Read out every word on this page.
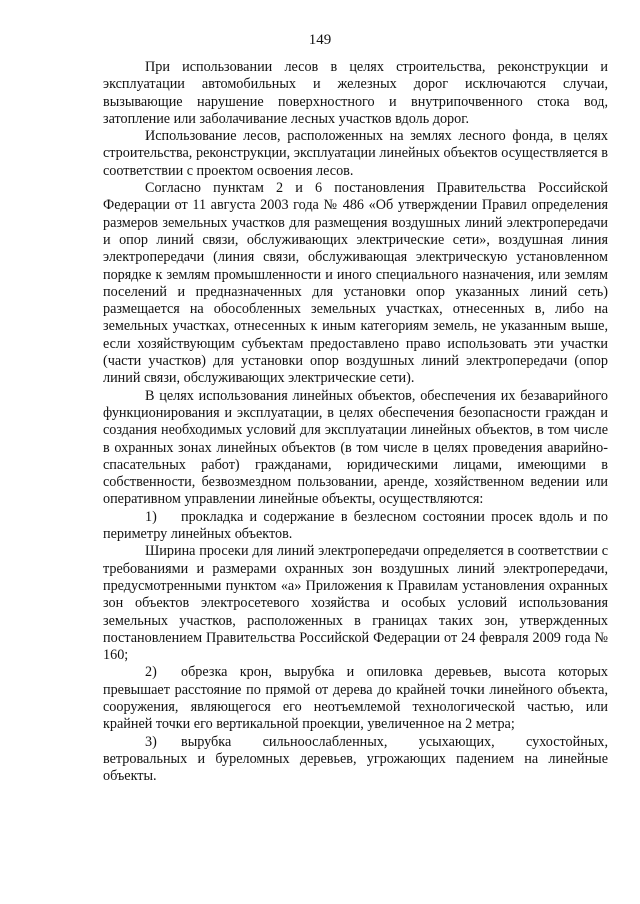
149

При использовании лесов в целях строительства, реконструкции и эксплуатации автомобильных и железных дорог исключаются случаи, вызывающие нарушение поверхностного и внутрипочвенного стока вод, затопление или заболачивание лесных участков вдоль дорог.

Использование лесов, расположенных на землях лесного фонда, в целях строительства, реконструкции, эксплуатации линейных объектов осуществляется в соответствии с проектом освоения лесов.

Согласно пунктам 2 и 6 постановления Правительства Российской Федерации от 11 августа 2003 года № 486 «Об утверждении Правил определения размеров земельных участков для размещения воздушных линий электропередачи и опор линий связи, обслуживающих электрические сети», воздушная линия электропередачи (линия связи, обслуживающая электрическую установленном порядке к землям промышленности и иного специального назначения, или землям поселений и предназначенных для установки опор указанных линий сеть) размещается на обособленных земельных участках, отнесенных в, либо на земельных участках, отнесенных к иным категориям земель, не указанным выше, если хозяйствующим субъектам предоставлено право использовать эти участки (части участков) для установки опор воздушных линий электропередачи (опор линий связи, обслуживающих электрические сети).

В целях использования линейных объектов, обеспечения их безаварийного функционирования и эксплуатации, в целях обеспечения безопасности граждан и создания необходимых условий для эксплуатации линейных объектов, в том числе в охранных зонах линейных объектов (в том числе в целях проведения аварийно-спасательных работ) гражданами, юридическими лицами, имеющими в собственности, безвозмездном пользовании, аренде, хозяйственном ведении или оперативном управлении линейные объекты, осуществляются:

1) прокладка и содержание в безлесном состоянии просек вдоль и по периметру линейных объектов.

Ширина просеки для линий электропередачи определяется в соответствии с требованиями и размерами охранных зон воздушных линий электропередачи, предусмотренными пунктом «а» Приложения к Правилам установления охранных зон объектов электросетевого хозяйства и особых условий использования земельных участков, расположенных в границах таких зон, утвержденных постановлением Правительства Российской Федерации от 24 февраля 2009 года № 160;

2) обрезка крон, вырубка и опиловка деревьев, высота которых превышает расстояние по прямой от дерева до крайней точки линейного объекта, сооружения, являющегося его неотъемлемой технологической частью, или крайней точки его вертикальной проекции, увеличенное на 2 метра;

3) вырубка сильноослабленных, усыхающих, сухостойных, ветровальных и буреломных деревьев, угрожающих падением на линейные объекты.
